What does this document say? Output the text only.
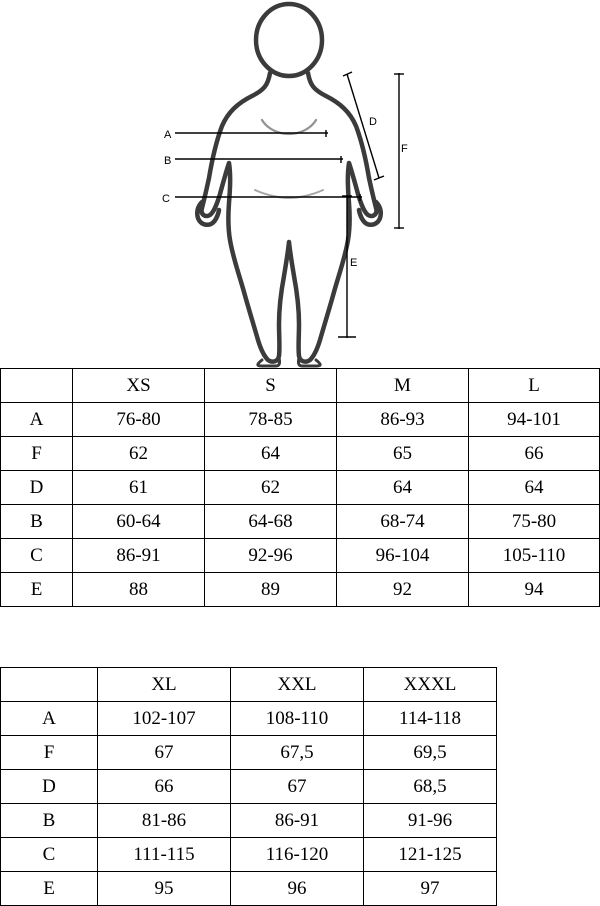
A
B
C
D
F
E
	XS	S	M	L
A	76-80	78-85	86-93	94-101
F	62	64	65	66
D	61	62	64	64
B	60-64	64-68	68-74	75-80
C	86-91	92-96	96-104	105-110
E	88	89	92	94
	XL	XXL	XXXL
A	102-107	108-110	114-118
F	67	67,5	69,5
D	66	67	68,5
B	81-86	86-91	91-96
C	111-115	116-120	121-125
E	95	96	97
